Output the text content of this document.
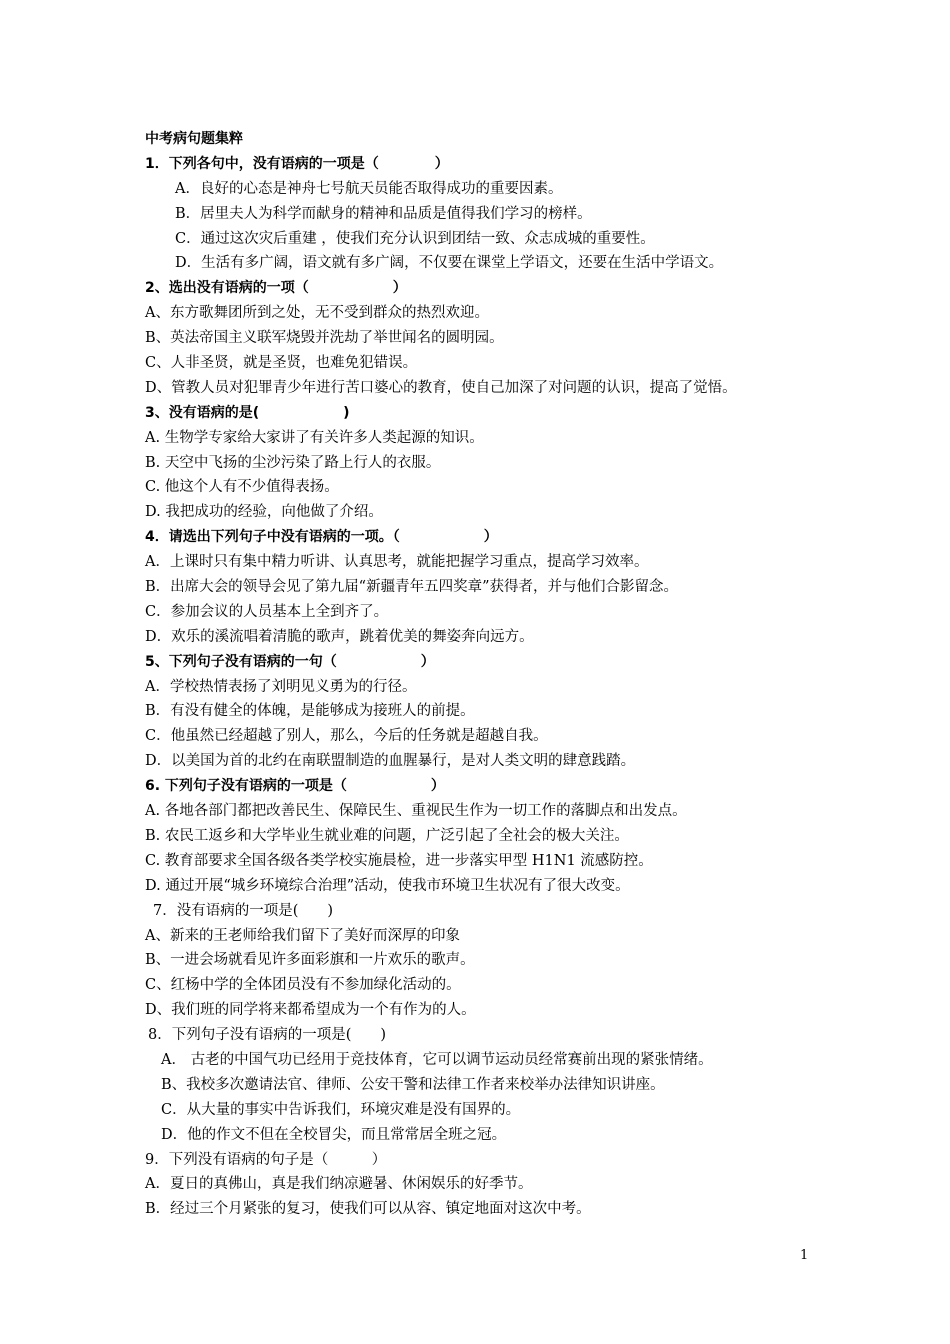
中考病句题集粹
1．下列各句中，没有语病的一项是（　　　　）
A．良好的心态是神舟七号航天员能否取得成功的重要因素。
B．居里夫人为科学而献身的精神和品质是值得我们学习的榜样。
C．通过这次灾后重建 ，使我们充分认识到团结一致、众志成城的重要性。
D．生活有多广阔，语文就有多广阔，不仅要在课堂上学语文，还要在生活中学语文。
2、选出没有语病的一项（　　　　　　）
A、东方歌舞团所到之处，无不受到群众的热烈欢迎。
B、英法帝国主义联军烧毁并洗劫了举世闻名的圆明园。
C、人非圣贤，就是圣贤，也难免犯错误。
D、管教人员对犯罪青少年进行苦口婆心的教育，使自己加深了对问题的认识，提高了觉悟。
3、没有语病的是(　　　　　　)
A. 生物学专家给大家讲了有关许多人类起源的知识。
B. 天空中飞扬的尘沙污染了路上行人的衣服。
C. 他这个人有不少值得表扬。
D. 我把成功的经验，向他做了介绍。
4．请选出下列句子中没有语病的一项。（　　　　　　）
A．上课时只有集中精力听讲、认真思考，就能把握学习重点，提高学习效率。
B．出席大会的领导会见了第九届“新疆青年五四奖章”获得者，并与他们合影留念。
C．参加会议的人员基本上全到齐了。
D．欢乐的溪流唱着清脆的歌声，跳着优美的舞姿奔向远方。
5、下列句子没有语病的一句（　　　　　　）
A．学校热情表扬了刘明见义勇为的行径。
B．有没有健全的体魄，是能够成为接班人的前提。
C．他虽然已经超越了别人，那么，今后的任务就是超越自我。
D．以美国为首的北约在南联盟制造的血腥暴行，是对人类文明的肆意践踏。
6. 下列句子没有语病的一项是（　　　　　　）
A. 各地各部门都把改善民生、保障民生、重视民生作为一切工作的落脚点和出发点。
B. 农民工返乡和大学毕业生就业难的问题，广泛引起了全社会的极大关注。
C. 教育部要求全国各级各类学校实施晨检，进一步落实甲型 H1N1 流感防控。
D. 通过开展“城乡环境综合治理”活动，使我市环境卫生状况有了很大改变。
7．没有语病的一项是(　　)
A、新来的王老师给我们留下了美好而深厚的印象
B、一进会场就看见许多面彩旗和一片欢乐的歌声。
C、红杨中学的全体团员没有不参加绿化活动的。
D、我们班的同学将来都希望成为一个有作为的人。
8．下列句子没有语病的一项是(　　)
A． 古老的中国气功已经用于竞技体育，它可以调节运动员经常赛前出现的紧张情绪。
B、我校多次邀请法官、律师、公安干警和法律工作者来校举办法律知识讲座。
C．从大量的事实中告诉我们，环境灾难是没有国界的。
D．他的作文不但在全校冒尖，而且常常居全班之冠。
9．下列没有语病的句子是（　　　）
A．夏日的真佛山，真是我们纳凉避暑、休闲娱乐的好季节。
B．经过三个月紧张的复习，使我们可以从容、镇定地面对这次中考。
1
